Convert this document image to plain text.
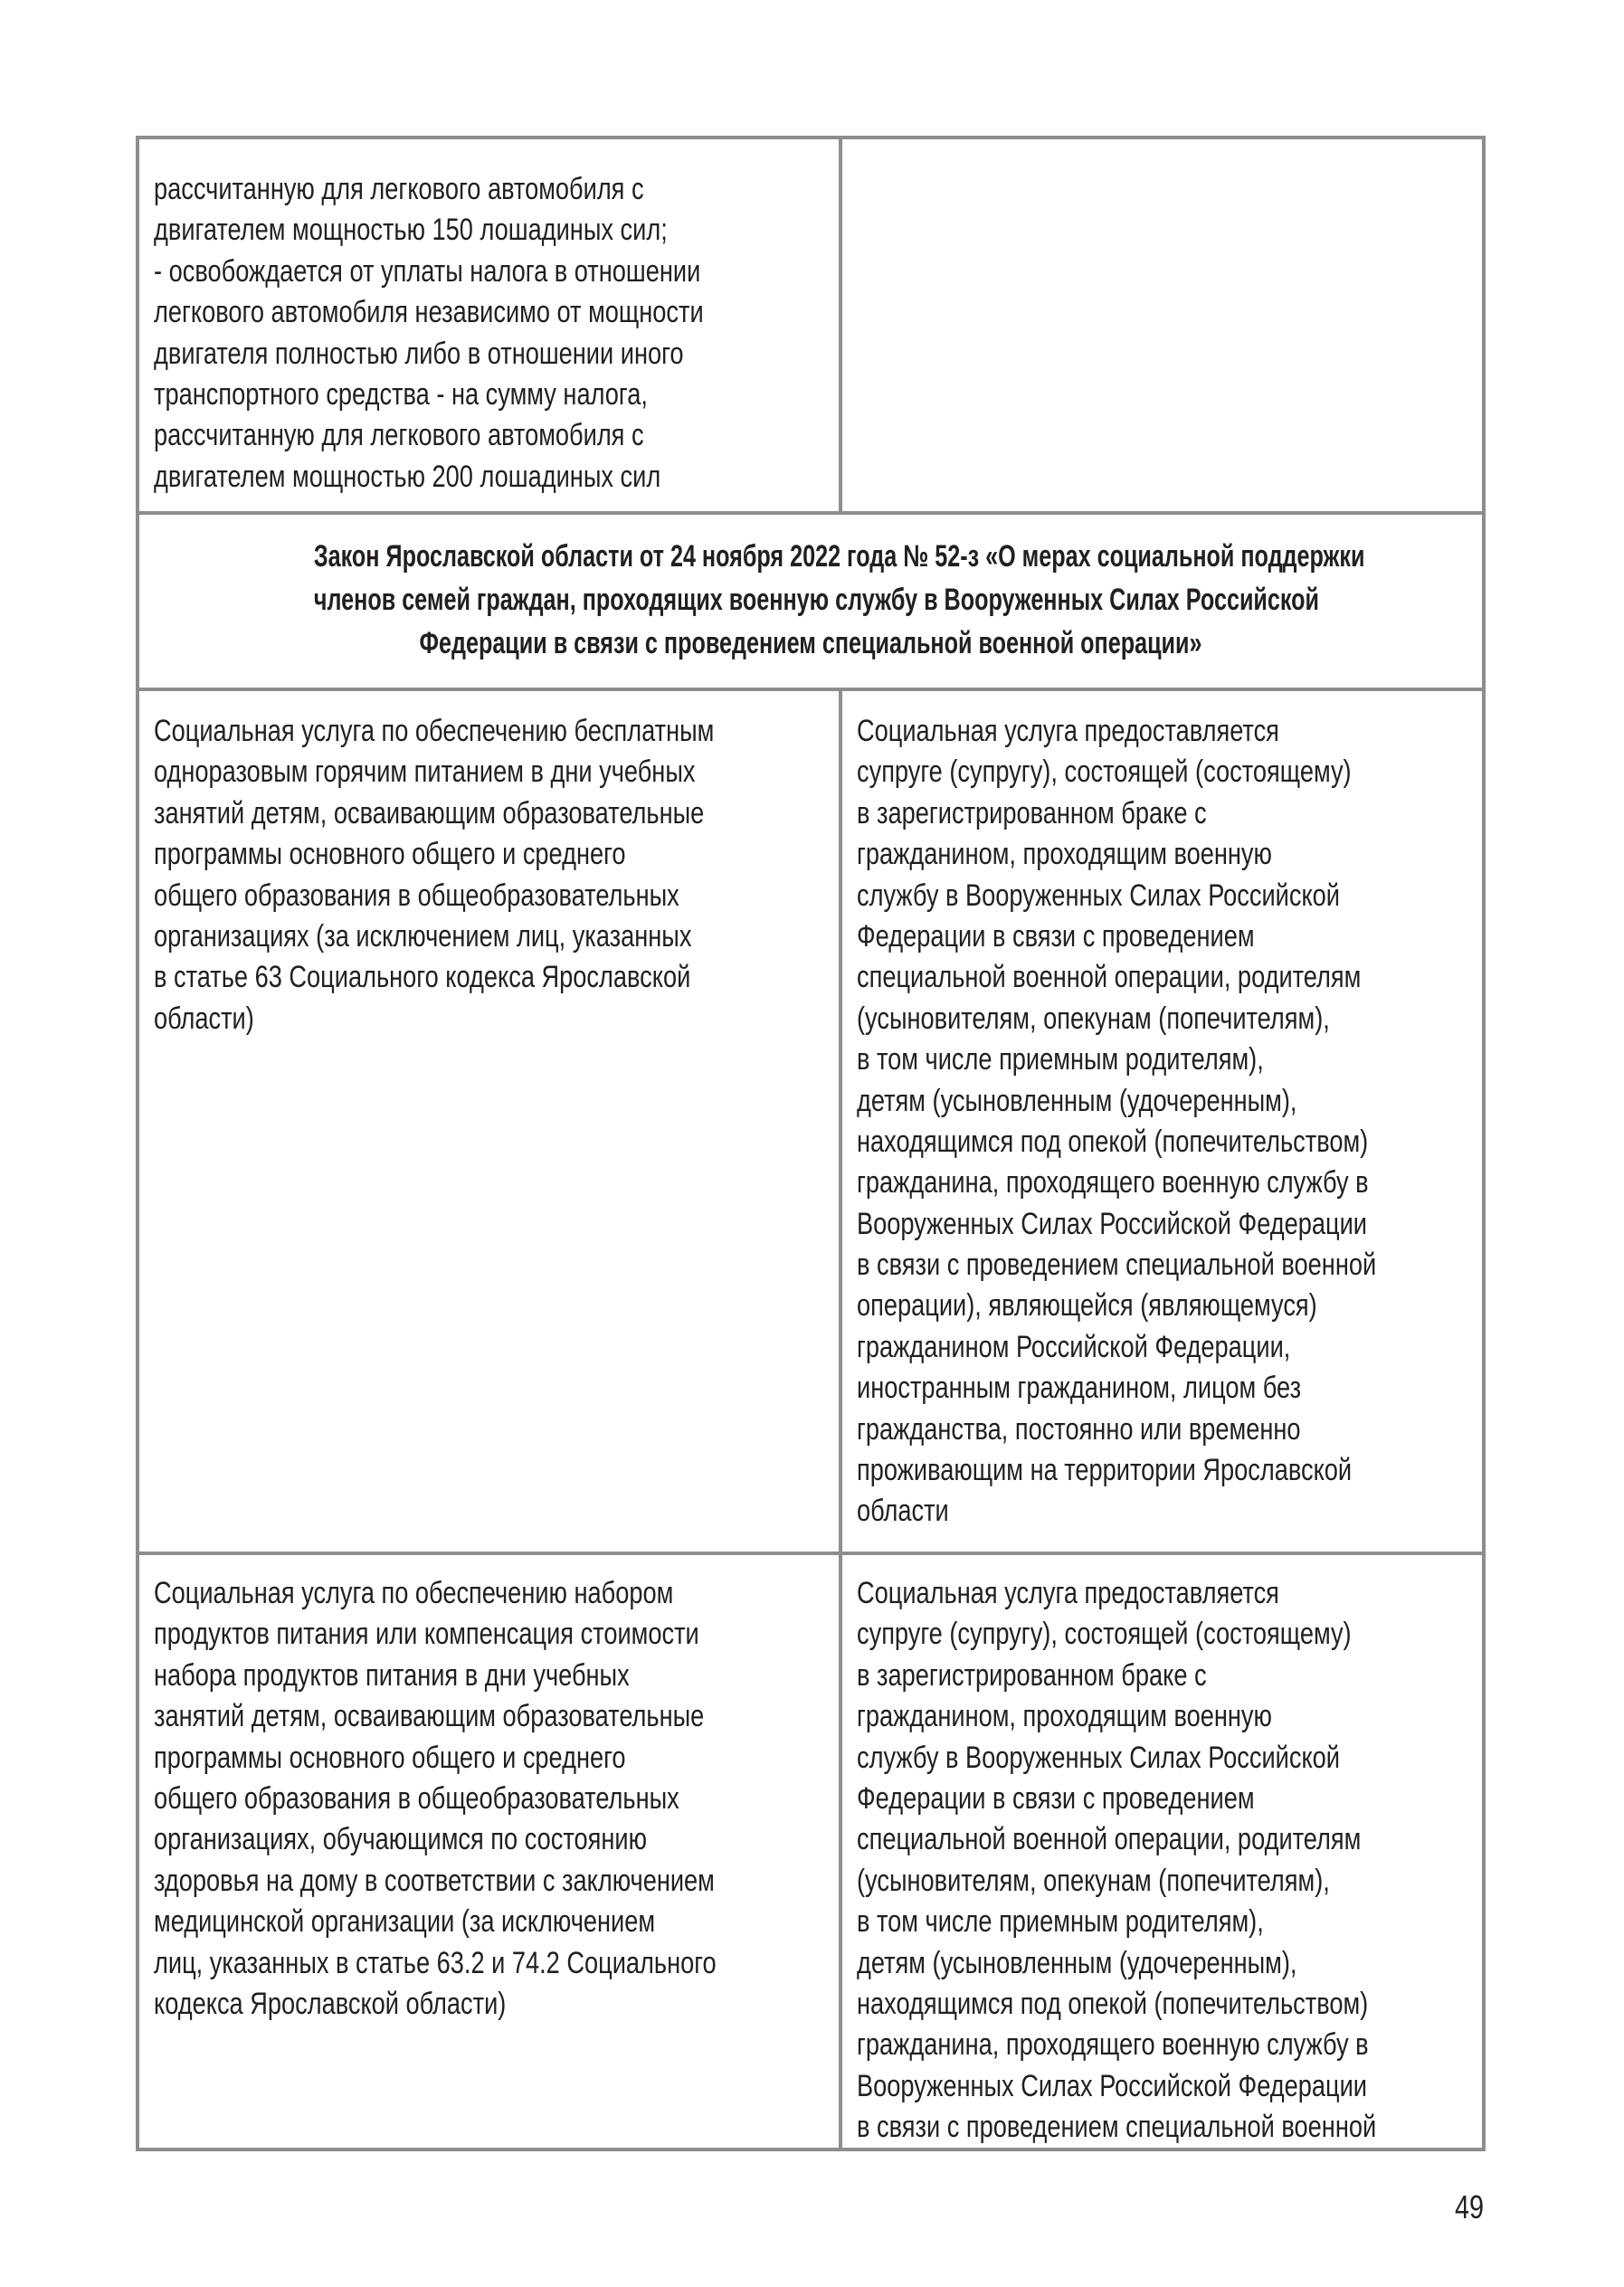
рассчитанную для легкового автомобиля с
двигателем мощностью 150 лошадиных сил;
- освобождается от уплаты налога в отношении
легкового автомобиля независимо от мощности
двигателя полностью либо в отношении иного
транспортного средства - на сумму налога,
рассчитанную для легкового автомобиля с
двигателем мощностью 200 лошадиных сил
Закон Ярославской области от 24 ноября 2022 года № 52-з «О мерах социальной поддержки
членов семей граждан, проходящих военную службу в Вооруженных Силах Российской
Федерации в связи с проведением специальной военной операции»
Социальная услуга по обеспечению бесплатным
одноразовым горячим питанием в дни учебных
занятий детям, осваивающим образовательные
программы основного общего и среднего
общего образования в общеобразовательных
организациях (за исключением лиц, указанных
в статье 63 Социального кодекса Ярославской
области)
Социальная услуга предоставляется
супруге (супругу), состоящей (состоящему)
в зарегистрированном браке с
гражданином, проходящим военную
службу в Вооруженных Силах Российской
Федерации в связи с проведением
специальной военной операции, родителям
(усыновителям, опекунам (попечителям),
в том числе приемным родителям),
детям (усыновленным (удочеренным),
находящимся под опекой (попечительством)
гражданина, проходящего военную службу в
Вооруженных Силах Российской Федерации
в связи с проведением специальной военной
операции), являющейся (являющемуся)
гражданином Российской Федерации,
иностранным гражданином, лицом без
гражданства, постоянно или временно
проживающим на территории Ярославской
области
Социальная услуга по обеспечению набором
продуктов питания или компенсация стоимости
набора продуктов питания в дни учебных
занятий детям, осваивающим образовательные
программы основного общего и среднего
общего образования в общеобразовательных
организациях, обучающимся по состоянию
здоровья на дому в соответствии с заключением
медицинской организации (за исключением
лиц, указанных в статье 63.2 и 74.2 Социального
кодекса Ярославской области)
Социальная услуга предоставляется
супруге (супругу), состоящей (состоящему)
в зарегистрированном браке с
гражданином, проходящим военную
службу в Вооруженных Силах Российской
Федерации в связи с проведением
специальной военной операции, родителям
(усыновителям, опекунам (попечителям),
в том числе приемным родителям),
детям (усыновленным (удочеренным),
находящимся под опекой (попечительством)
гражданина, проходящего военную службу в
Вооруженных Силах Российской Федерации
в связи с проведением специальной военной
49
